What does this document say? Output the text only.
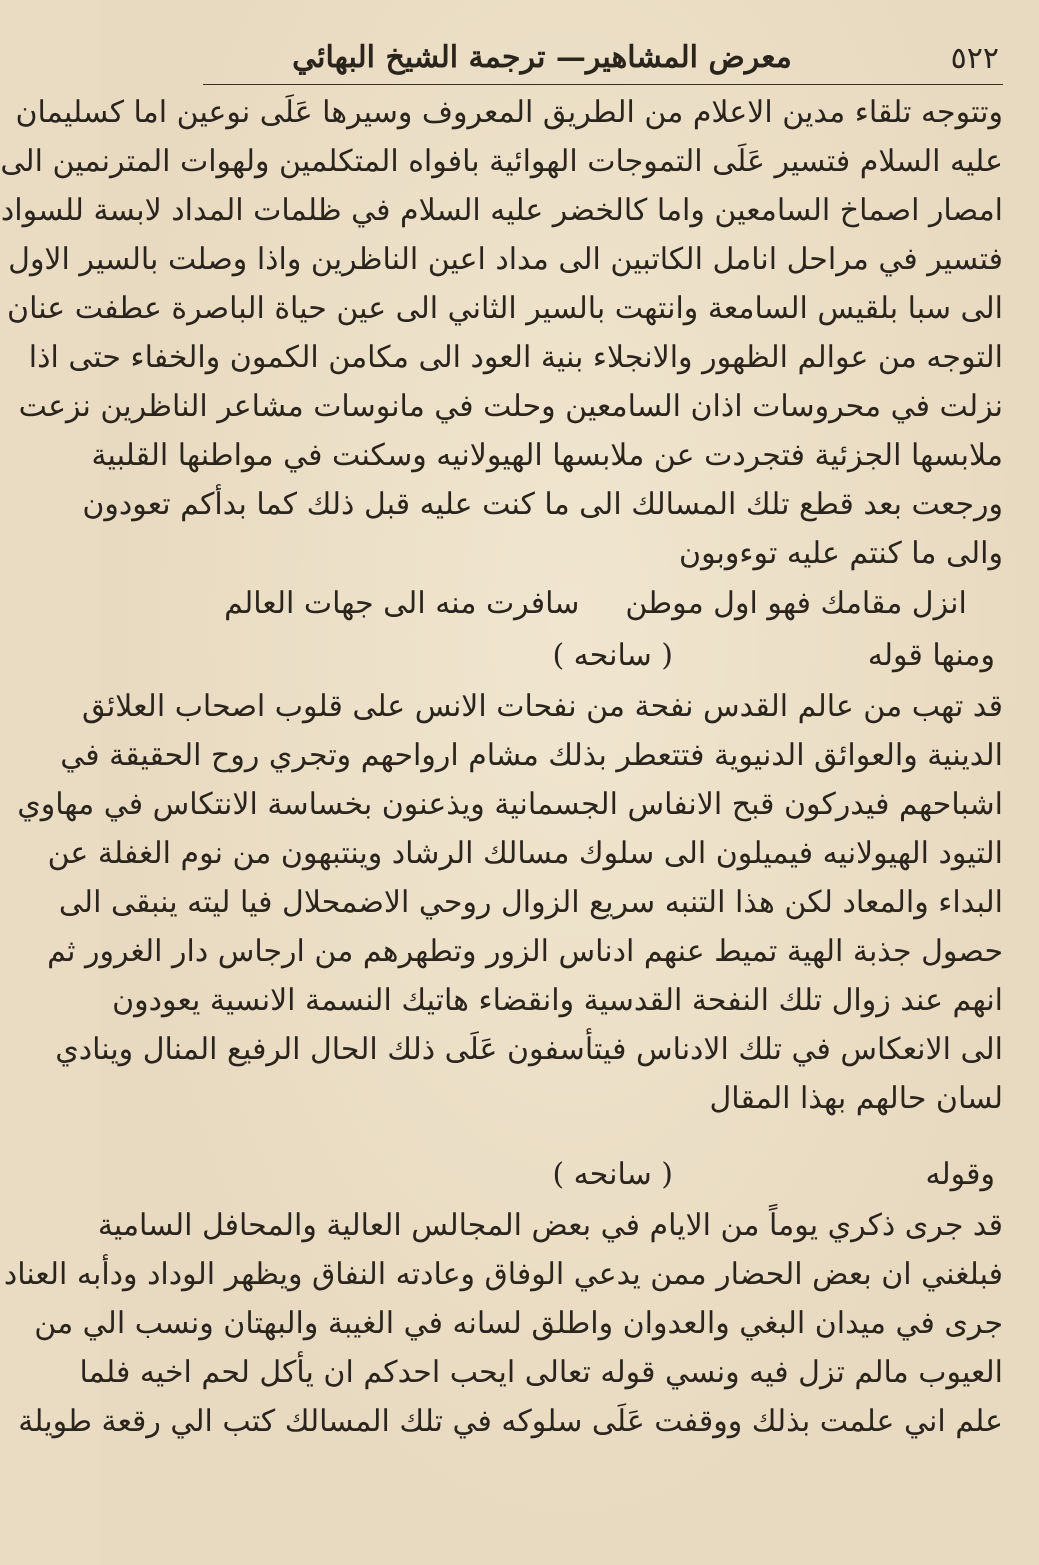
٥٢٢
معرض المشاهير— ترجمة الشيخ البهائي
وتتوجه تلقاء مدين الاعلام من الطريق المعروف وسيرها عَلَى نوعين اما كسليمان
عليه السلام فتسير عَلَى التموجات الهوائية بافواه المتكلمين ولهوات المترنمين الى
امصار اصماخ السامعين واما كالخضر عليه السلام في ظلمات المداد لابسة للسواد
فتسير في مراحل انامل الكاتبين الى مداد اعين الناظرين واذا وصلت بالسير الاول
الى سبا بلقيس السامعة وانتهت بالسير الثاني الى عين حياة الباصرة عطفت عنان
التوجه من عوالم الظهور والانجلاء بنية العود الى مكامن الكمون والخفاء حتى اذا
نزلت في محروسات اذان السامعين وحلت في مانوسات مشاعر الناظرين نزعت
ملابسها الجزئية فتجردت عن ملابسها الهيولانيه وسكنت في مواطنها القلبية
ورجعت بعد قطع تلك المسالك الى ما كنت عليه قبل ذلك كما بدأكم تعودون
والى ما كنتم عليه توءوبون
انزل مقامك فهو اول موطن
سافرت منه الى جهات العالم
ومنها قوله
( سانحه )
قد تهب من عالم القدس نفحة من نفحات الانس على قلوب اصحاب العلائق
الدينية والعوائق الدنيوية فتتعطر بذلك مشام ارواحهم وتجري روح الحقيقة في
اشباحهم فيدركون قبح الانفاس الجسمانية ويذعنون بخساسة الانتكاس في مهاوي
التيود الهيولانيه فيميلون الى سلوك مسالك الرشاد وينتبهون من نوم الغفلة عن
البداء والمعاد لكن هذا التنبه سريع الزوال روحي الاضمحلال فيا ليته ينبقى الى
حصول جذبة الهية تميط عنهم ادناس الزور وتطهرهم من ارجاس دار الغرور ثم
انهم عند زوال تلك النفحة القدسية وانقضاء هاتيك النسمة الانسية يعودون
الى الانعكاس في تلك الادناس فيتأسفون عَلَى ذلك الحال الرفيع المنال وينادي
لسان حالهم بهذا المقال
وقوله
( سانحه )
قد جرى ذكري يوماً من الايام في بعض المجالس العالية والمحافل السامية
فبلغني ان بعض الحضار ممن يدعي الوفاق وعادته النفاق ويظهر الوداد ودأبه العناد
جرى في ميدان البغي والعدوان واطلق لسانه في الغيبة والبهتان ونسب الي من
العيوب مالم تزل فيه ونسي قوله تعالى ايحب احدكم ان يأكل لحم اخيه فلما
علم اني علمت بذلك ووقفت عَلَى سلوكه في تلك المسالك كتب الي رقعة طويلة
